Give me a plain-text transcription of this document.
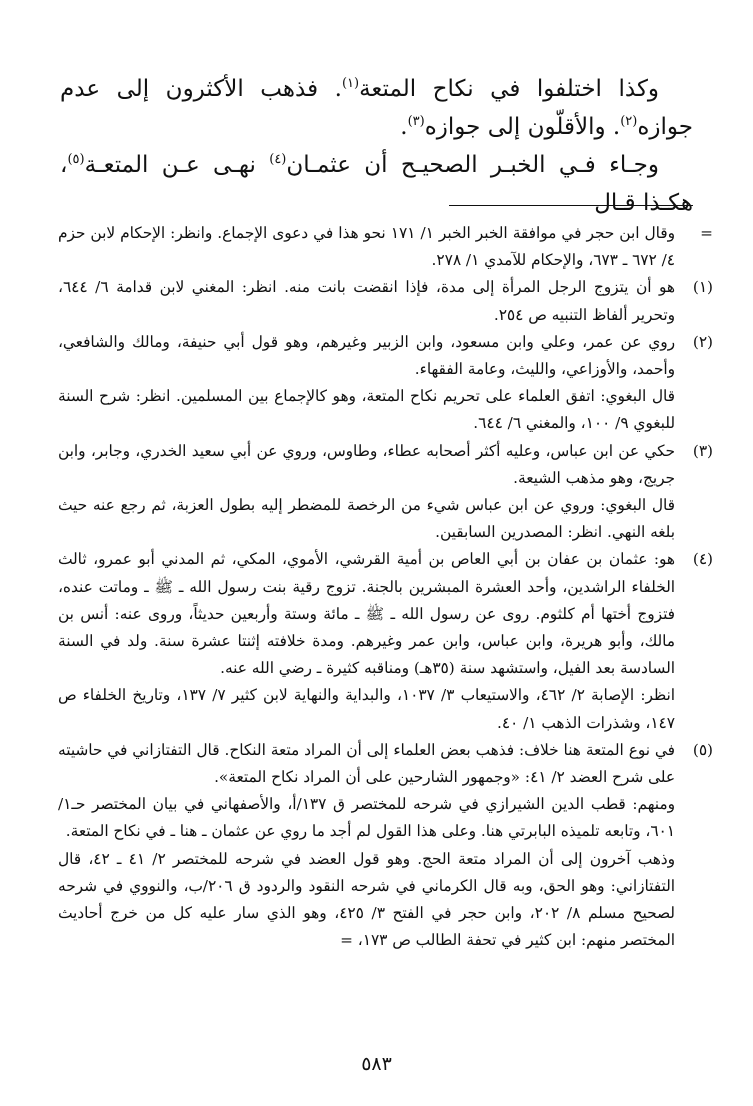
وكذا اختلفوا في نكاح المتعة$^{(١)}$. فذهب الأكثرون إلى عدم جوازه$^{(٢)}$. والأقلّون إلى جوازه$^{(٣)}$.

وجـاء فـي الخبـر الصحيـح أن عثمـان$^{(٤)}$ نهـى عـن المتعـة$^{(٥)}$، هكـذا قـال

=

وقال ابن حجر في موافقة الخبر الخبر ١/ ١٧١ نحو هذا في دعوى الإجماع. وانظر: الإحكام لابن حزم ٤/ ٦٧٢ ـ ٦٧٣، والإحكام للآمدي ١/ ٢٧٨.

(١)

هو أن يتزوج الرجل المرأة إلى مدة، فإذا انقضت بانت منه. انظر: المغني لابن قدامة ٦/ ٦٤٤، وتحرير ألفاظ التنبيه ص ٢٥٤.

(٢)

روي عن عمر، وعلي وابن مسعود، وابن الزبير وغيرهم، وهو قول أبي حنيفة، ومالك والشافعي، وأحمد، والأوزاعي، والليث، وعامة الفقهاء.

قال البغوي: اتفق العلماء على تحريم نكاح المتعة، وهو كالإجماع بين المسلمين. انظر: شرح السنة للبغوي ٩/ ١٠٠، والمغني ٦/ ٦٤٤.

(٣)

حكي عن ابن عباس، وعليه أكثر أصحابه عطاء، وطاوس، وروي عن أبي سعيد الخدري، وجابر، وابن جريج، وهو مذهب الشيعة.

قال البغوي: وروي عن ابن عباس شيء من الرخصة للمضطر إليه بطول العزبة، ثم رجع عنه حيث بلغه النهي. انظر: المصدرين السابقين.

(٤)

هو: عثمان بن عفان بن أبي العاص بن أمية القرشي، الأموي، المكي، ثم المدني أبو عمرو، ثالث الخلفاء الراشدين، وأحد العشرة المبشرين بالجنة. تزوج رقية بنت رسول الله ـ ﷺ ـ وماتت عنده، فتزوج أختها أم كلثوم. روى عن رسول الله ـ ﷺ ـ مائة وستة وأربعين حديثاً، وروى عنه: أنس بن مالك، وأبو هريرة، وابن عباس، وابن عمر وغيرهم. ومدة خلافته إثنتا عشرة سنة. ولد في السنة السادسة بعد الفيل، واستشهد سنة (٣٥هـ) ومناقبه كثيرة ـ رضي الله عنه.

انظر: الإصابة ٢/ ٤٦٢، والاستيعاب ٣/ ١٠٣٧، والبداية والنهاية لابن كثير ٧/ ١٣٧، وتاريخ الخلفاء ص ١٤٧، وشذرات الذهب ١/ ٤٠.

(٥)

في نوع المتعة هنا خلاف: فذهب بعض العلماء إلى أن المراد متعة النكاح. قال التفتازاني في حاشيته على شرح العضد ٢/ ٤١: «وجمهور الشارحين على أن المراد نكاح المتعة».

ومنهم: قطب الدين الشيرازي في شرحه للمختصر ق ١٣٧/أ، والأصفهاني في بيان المختصر حـ١/ ٦٠١، وتابعه تلميذه البابرتي هنا. وعلى هذا القول لم أجد ما روي عن عثمان ـ هنا ـ في نكاح المتعة.

وذهب آخرون إلى أن المراد متعة الحج. وهو قول العضد في شرحه للمختصر ٢/ ٤١ ـ ٤٢، قال التفتازاني: وهو الحق، وبه قال الكرماني في شرحه النقود والردود ق ٢٠٦/ب، والنووي في شرحه لصحيح مسلم ٨/ ٢٠٢، وابن حجر في الفتح ٣/ ٤٢٥، وهو الذي سار عليه كل من خرج أحاديث المختصر منهم: ابن كثير في تحفة الطالب ص ١٧٣، =

٥٨٣
